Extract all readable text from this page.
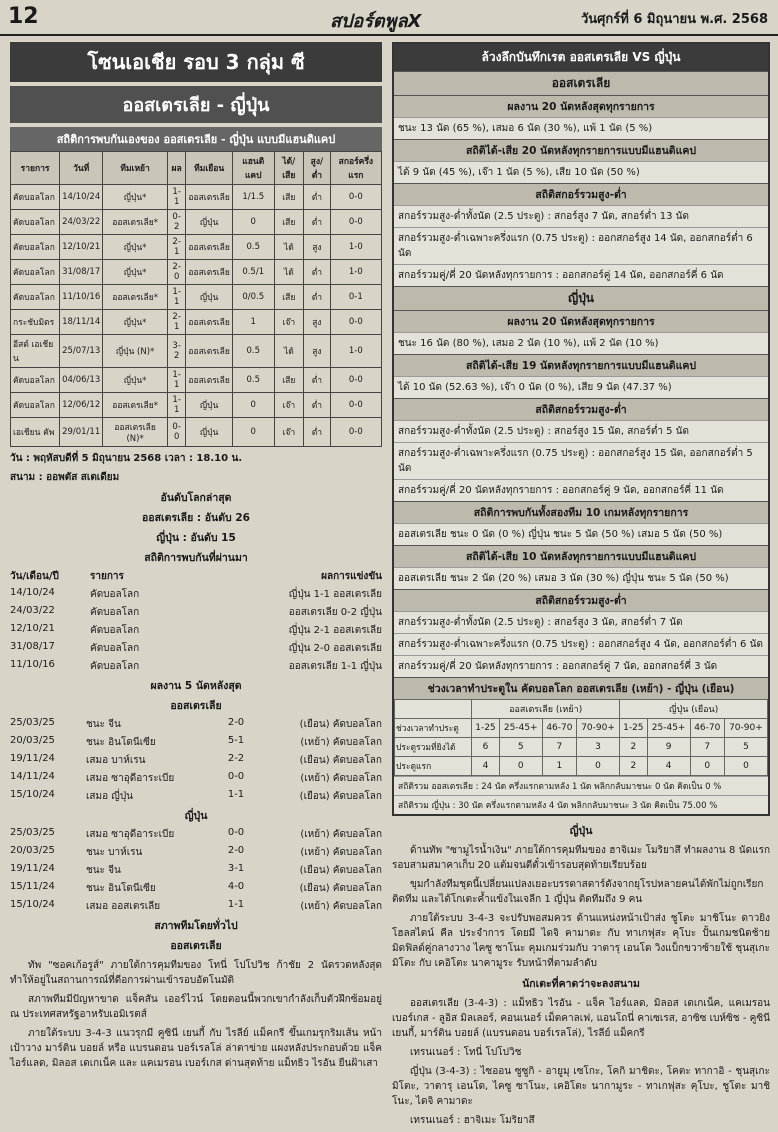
12	สปอร์ตพูลX	วันศุกร์ที่ 6 มิถุนายน พ.ศ. 2568
โซนเอเชีย รอบ 3 กลุ่ม ซี
ออสเตรเลีย - ญี่ปุ่น
สถิติการพบกันเองของ ออสเตรเลีย - ญี่ปุ่น แบบมีแฮนดิแคป
รายการ	วันที่	ทีมเหย้า	ผล	ทีมเยือน	แฮนดิแคป	ได้/เสีย	สูง/ต่ำ	สกอร์ครึ่งแรก
คัดบอลโลก	14/10/24	ญี่ปุ่น*	1-1	ออสเตรเลีย	1/1.5	เสีย	ต่ำ	0-0
คัดบอลโลก	24/03/22	ออสเตรเลีย*	0-2	ญี่ปุ่น	0	เสีย	ต่ำ	0-0
คัดบอลโลก	12/10/21	ญี่ปุ่น*	2-1	ออสเตรเลีย	0.5	ได้	สูง	1-0
คัดบอลโลก	31/08/17	ญี่ปุ่น*	2-0	ออสเตรเลีย	0.5/1	ได้	ต่ำ	1-0
คัดบอลโลก	11/10/16	ออสเตรเลีย*	1-1	ญี่ปุ่น	0/0.5	เสีย	ต่ำ	0-1
กระชับมิตร	18/11/14	ญี่ปุ่น*	2-1	ออสเตรเลีย	1	เจ๊า	สูง	0-0
อีสต์ เอเชียน	25/07/13	ญี่ปุ่น (N)*	3-2	ออสเตรเลีย	0.5	ได้	สูง	1-0
คัดบอลโลก	04/06/13	ญี่ปุ่น*	1-1	ออสเตรเลีย	0.5	เสีย	ต่ำ	0-0
คัดบอลโลก	12/06/12	ออสเตรเลีย*	1-1	ญี่ปุ่น	0	เจ๊า	ต่ำ	0-0
เอเชียน คัพ	29/01/11	ออสเตรเลีย (N)*	0-0	ญี่ปุ่น	0	เจ๊า	ต่ำ	0-0
วัน : พฤหัสบดีที่ 5 มิถุนายน 2568 เวลา : 18.10 น.
สนาม : ออพตัส สเตเดียม
อันดับโลกล่าสุด
ออสเตรเลีย : อันดับ 26
ญี่ปุ่น : อันดับ 15
สถิติการพบกันที่ผ่านมา
วัน/เดือน/ปี	รายการ	ผลการแข่งขัน
14/10/24	คัดบอลโลก	ญี่ปุ่น 1-1 ออสเตรเลีย
24/03/22	คัดบอลโลก	ออสเตรเลีย 0-2 ญี่ปุ่น
12/10/21	คัดบอลโลก	ญี่ปุ่น 2-1 ออสเตรเลีย
31/08/17	คัดบอลโลก	ญี่ปุ่น 2-0 ออสเตรเลีย
11/10/16	คัดบอลโลก	ออสเตรเลีย 1-1 ญี่ปุ่น
ผลงาน 5 นัดหลังสุด
ออสเตรเลีย
25/03/25	ชนะ จีน	2-0	(เยือน) คัดบอลโลก
20/03/25	ชนะ อินโดนีเซีย	5-1	(เหย้า) คัดบอลโลก
19/11/24	เสมอ บาห์เรน	2-2	(เยือน) คัดบอลโลก
14/11/24	เสมอ ซาอุดีอาระเบีย	0-0	(เหย้า) คัดบอลโลก
15/10/24	เสมอ ญี่ปุ่น	1-1	(เยือน) คัดบอลโลก
ญี่ปุ่น
25/03/25	เสมอ ซาอุดีอาระเบีย	0-0	(เหย้า) คัดบอลโลก
20/03/25	ชนะ บาห์เรน	2-0	(เหย้า) คัดบอลโลก
19/11/24	ชนะ จีน	3-1	(เยือน) คัดบอลโลก
15/11/24	ชนะ อินโดนีเซีย	4-0	(เยือน) คัดบอลโลก
15/10/24	เสมอ ออสเตรเลีย	1-1	(เหย้า) คัดบอลโลก
สภาพทีมโดยทั่วไป
ออสเตรเลีย
ทัพ "ซอคเก้อรูส์" ภายใต้การคุมทีมของ โทนี่ โปโปวิช ก้าชัย 2 นัดรวดหลังสุด ทำให้อยู่ในสถานการณ์ที่ดีอการผ่านเข้ารอบอัตโนมัติ
สภาพทีมมีปัญหาขาด แจ็คสัน เออร์ไวน์ โดยตอนนี้พวกเขากำลังเก็บตัวฝึกซ้อมอยู่ ณ ประเทศสหรัฐอาหรับเอมิเรตส์
ภายใต้ระบบ 3-4-3 แนวรุกมี คูซินี เยนกี้ กับ ไรลีย์ แม็คกรี ขึ้นเกมรุกริมเส้น หน้าเป้าวาง มาร์ติน บอยล์ หรือ แบรนดอน บอร์เรลโล่ ล่าตาข่าย แผงหลังประกอบด้วย แจ็ค ไอร์แลด, มิลอส เดเกเน็ค และ แคเมรอน เบอร์เกส ด่านสุดท้าย แม็ทธิว ไรอัน ยืนฝ้าเสา
ล้วงลึกบันทึกเรต ออสเตรเลีย VS ญี่ปุ่น
ออสเตรเลีย
ผลงาน 20 นัดหลังสุดทุกรายการ
ชนะ 13 นัด (65 %), เสมอ 6 นัด (30 %), แพ้ 1 นัด (5 %)
สถิติได้-เสีย 20 นัดหลังทุกรายการแบบมีแฮนดิแคป
ได้ 9 นัด (45 %), เจ๊า 1 นัด (5 %), เสีย 10 นัด (50 %)
สถิติสกอร์รวมสูง-ต่ำ
สกอร์รวมสูง-ต่ำทั้งนัด (2.5 ประตู) : สกอร์สูง 7 นัด, สกอร์ต่ำ 13 นัด
สกอร์รวมสูง-ต่ำเฉพาะครึ่งแรก (0.75 ประตู) : ออกสกอร์สูง 14 นัด, ออกสกอร์ต่ำ 6 นัด
สกอร์รวมคู่/คี่ 20 นัดหลังทุกรายการ : ออกสกอร์คู่ 14 นัด, ออกสกอร์คี่ 6 นัด
ญี่ปุ่น
ผลงาน 20 นัดหลังสุดทุกรายการ
ชนะ 16 นัด (80 %), เสมอ 2 นัด (10 %), แพ้ 2 นัด (10 %)
สถิติได้-เสีย 19 นัดหลังทุกรายการแบบมีแฮนดิแคป
ได้ 10 นัด (52.63 %), เจ๊า 0 นัด (0 %), เสีย 9 นัด (47.37 %)
สถิติสกอร์รวมสูง-ต่ำ
สกอร์รวมสูง-ต่ำทั้งนัด (2.5 ประตู) : สกอร์สูง 15 นัด, สกอร์ต่ำ 5 นัด
สกอร์รวมสูง-ต่ำเฉพาะครึ่งแรก (0.75 ประตู) : ออกสกอร์สูง 15 นัด, ออกสกอร์ต่ำ 5 นัด
สกอร์รวมคู่/คี่ 20 นัดหลังทุกรายการ : ออกสกอร์คู่ 9 นัด, ออกสกอร์คี่ 11 นัด
สถิติการพบกันทั้งสองทีม 10 เกมหลังทุกรายการ
ออสเตรเลีย ชนะ 0 นัด (0 %) ญี่ปุ่น ชนะ 5 นัด (50 %) เสมอ 5 นัด (50 %)
สถิติได้-เสีย 10 นัดหลังทุกรายการแบบมีแฮนดิแคป
ออสเตรเลีย ชนะ 2 นัด (20 %) เสมอ 3 นัด (30 %) ญี่ปุ่น ชนะ 5 นัด (50 %)
สถิติสกอร์รวมสูง-ต่ำ
สกอร์รวมสูง-ต่ำทั้งนัด (2.5 ประตู) : สกอร์สูง 3 นัด, สกอร์ต่ำ 7 นัด
สกอร์รวมสูง-ต่ำเฉพาะครึ่งแรก (0.75 ประตู) : ออกสกอร์สูง 4 นัด, ออกสกอร์ต่ำ 6 นัด
สกอร์รวมคู่/คี่ 20 นัดหลังทุกรายการ : ออกสกอร์คู่ 7 นัด, ออกสกอร์คี่ 3 นัด
ช่วงเวลาทำประตูใน คัดบอลโลก ออสเตรเลีย (เหย้า) - ญี่ปุ่น (เยือน)
	ออสเตรเลีย (เหย้า)				ญี่ปุ่น (เยือน)			
ช่วงเวลาทำประตู	1-25	25-45+	46-70	70-90+	1-25	25-45+	46-70	70-90+
ประตูรวมที่ยิงได้	6	5	7	3	2	9	7	5
ประตูแรก	4	0	1	0	2	4	0	0
สถิติรวม ออสเตรเลีย : 24 นัด ครึ่งแรกตามหลัง 1 นัด พลิกกลับมาชนะ 0 นัด คิดเป็น 0 %
สถิติรวม ญี่ปุ่น : 30 นัด ครึ่งแรกตามหลัง 4 นัด พลิกกลับมาชนะ 3 นัด คิดเป็น 75.00 %
ญี่ปุ่น
ด้านทัพ "ซามูไรน้ำเงิน" ภายใต้การคุมทีมของ ฮาจิเมะ โมริยาสึ ทำผลงาน 8 นัดแรกรอบสามสมาคาเก็บ 20 แต้มจนตีตั๋วเข้ารอบสุดท้ายเรียบร้อย
ขุมกำลังทีมชุดนี้เปลี่ยนแปลงเยอะบรรดาสตาร์ดังจากยุโรปหลายคนได้พักไม่ถูกเรียกติดทีม และได้โกเตะค้ำแข้งในเจลีก 1 ญี่ปุ่น ติดทีมถึง 9 คน
ภายใต้ระบบ 3-4-3 จะปรับพอสมควร ด้านแหน่งหน้าเป้าส่ง ชูโตะ มาชิโนะ ดาวยิงโฮลสไตน์ คีล ประจำการ โดยมี ไดจิ คามาดะ กับ ทาเกฟุสะ คุโบะ ปั้นเกมชนิดช้าย มิดฟิลด์คู่กลางวาง ไคซู ซาโนะ คุมเกมร่วมกับ วาตารุ เอนโด วิงแบ็กขวาซ้ายใช้ ชุนสุเกะ มิโตะ กับ เคอิโตะ นาคามูระ รับหน้าที่ตามลำดับ
นักเตะที่คาดว่าจะลงสนาม
ออสเตรเลีย (3-4-3) : แม็ทธิว ไรอัน - แจ็ค ไอร์แลด, มิลอส เดเกเน็ค, แคเมรอน เบอร์เกส - ลูอิส มิลเลอร์, คอนเนอร์ เม็ตคาลเฟ, แอนโถนี่ คาเซเรส, อาซิซ เบห์ซิช - คูซินี เยนกี้, มาร์ติน บอยล์ (แบรนดอน บอร์เรลโล่), ไรลีย์ แม็คกรี
เทรนเนอร์ : โทนี่ โปโปวิช
ญี่ปุ่น (3-4-3) : ไซออน ซูซูกิ - อายูมุ เซโกะ, โคกิ มาชิดะ, โคตะ ทากาอิ - ชุนสุเกะ มิโตะ, วาตารุ เอนโด, ไคซู ซาโนะ, เคอิโตะ นากามูระ - ทาเกฟุสะ คุโบะ, ชูโตะ มาชิโนะ, ไดจิ คามาดะ
เทรนเนอร์ : ฮาจิเมะ โมริยาสึ
